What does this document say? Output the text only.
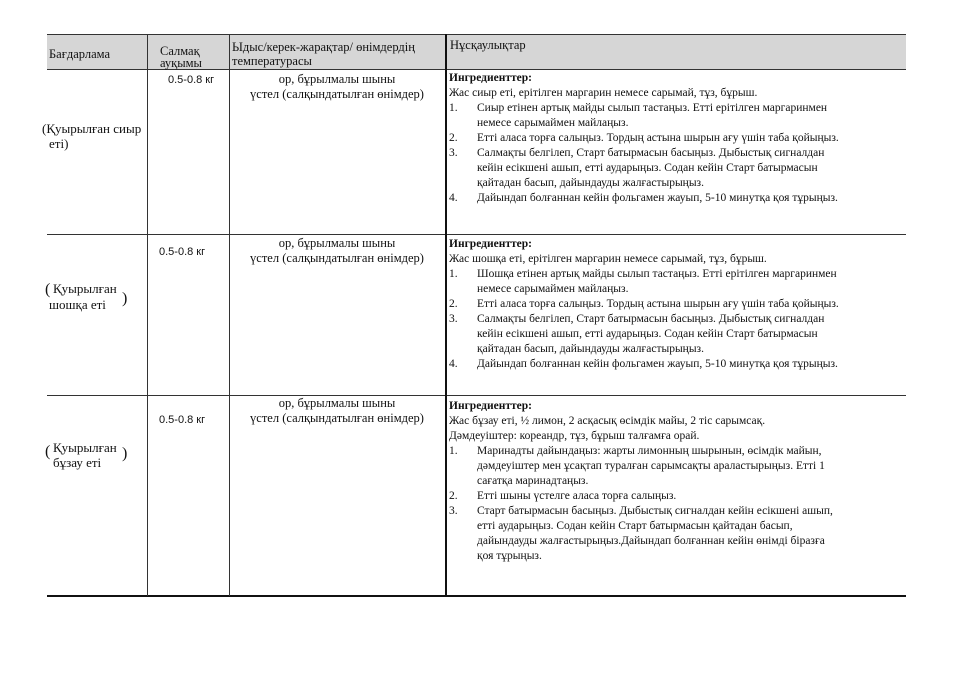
Бағдарлама	Салмақ
ауқымы
Ыдыс/керек-жарақтар/ өнімдердің
температурасы
Нұсқаулықтар
0.5-0.8 кг
(Қуырылған сиыр
еті)
ор, бұрылмалы шыны
үстел (салқындатылған өнімдер)
Ингредиенттер:
Жас сиыр еті, ерітілген маргарин немесе сарымай, тұз, бұрыш.
1. Сиыр етінен артық майды сылып тастаңыз. Етті ерітілген маргаринмен
немесе сарымаймен майлаңыз.
2. Етті аласа торға салыңыз. Тордың астына шырын ағу үшін таба қойыңыз.
3. Салмақты белгілеп, Старт батырмасын басыңыз. Дыбыстық сигналдан
кейін есікшені ашып, етті аударыңыз. Содан кейін Старт батырмасын
қайтадан басып, дайындауды жалғастырыңыз.
4. Дайындап болғаннан кейін фольгамен жауып, 5-10 минутқа қоя тұрыңыз.
0.5-0.8 кг
( Қуырылған
шошқа еті )
ор, бұрылмалы шыны
үстел (салқындатылған өнімдер)
Ингредиенттер:
Жас шошқа еті, ерітілген маргарин немесе сарымай, тұз, бұрыш.
1. Шошқа етінен артық майды сылып тастаңыз. Етті ерітілген маргаринмен
немесе сарымаймен майлаңыз.
2. Етті аласа торға салыңыз. Тордың астына шырын ағу үшін таба қойыңыз.
3. Салмақты белгілеп, Старт батырмасын басыңыз. Дыбыстық сигналдан
кейін есікшені ашып, етті аударыңыз. Содан кейін Старт батырмасын
қайтадан басып, дайындауды жалғастырыңыз.
4. Дайындап болғаннан кейін фольгамен жауып, 5-10 минутқа қоя тұрыңыз.
0.5-0.8 кг
( Қуырылған
бұзау еті
)
ор, бұрылмалы шыны
үстел (салқындатылған өнімдер)
Ингредиенттер:
Жас бұзау еті, ½ лимон, 2 асқасық өсімдік майы, 2 тіс сарымсақ.
Дәмдеуіштер: кореандр, тұз, бұрыш талғамға орай.
1. Маринадты дайындаңыз: жарты лимонның шырынын, өсімдік майын,
дәмдеуіштер мен ұсақтап туралған сарымсақты араластырыңыз. Етті 1
сағатқа маринадтаңыз.
2. Етті шыны үстелге аласа торға салыңыз.
3. Старт батырмасын басыңыз. Дыбыстық сигналдан кейін есікшені ашып,
етті аударыңыз. Содан кейін Старт батырмасын қайтадан басып,
дайындауды жалғастырыңыз.Дайындап болғаннан кейін өнімді біразға
қоя тұрыңыз.
